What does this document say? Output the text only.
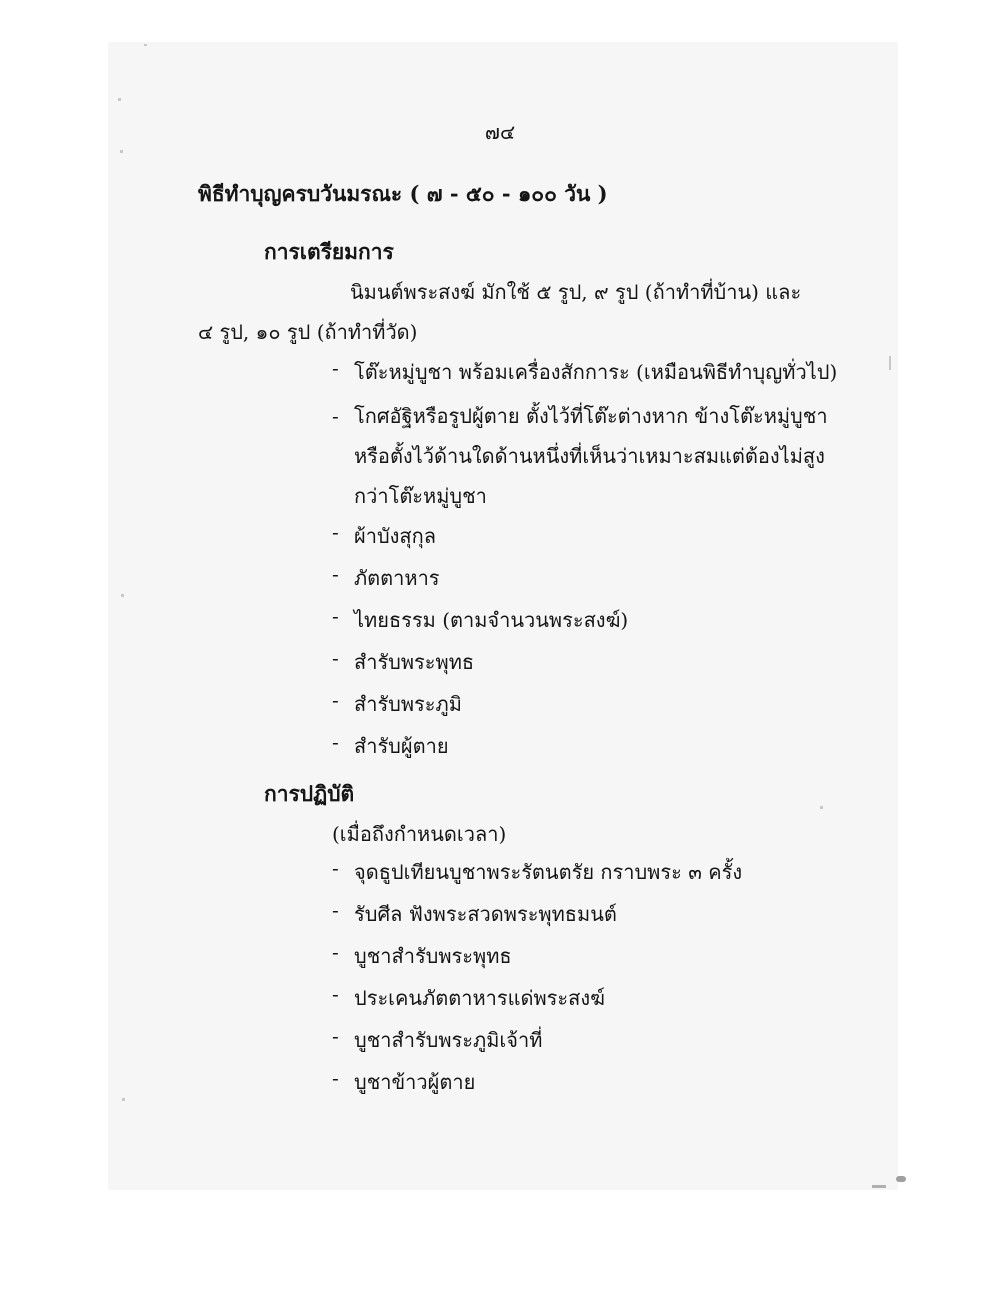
๗๔
พิธีทำบุญครบวันมรณะ ( ๗ - ๕๐ - ๑๐๐ วัน )
การเตรียมการ
นิมนต์พระสงฆ์ มักใช้ ๕ รูป, ๙ รูป (ถ้าทำที่บ้าน) และ
๔ รูป, ๑๐ รูป (ถ้าทำที่วัด)
- โต๊ะหมู่บูชา พร้อมเครื่องสักการะ (เหมือนพิธีทำบุญทั่วไป)
- โกศอัฐิหรือรูปผู้ตาย ตั้งไว้ที่โต๊ะต่างหาก ข้างโต๊ะหมู่บูชา
หรือตั้งไว้ด้านใดด้านหนึ่งที่เห็นว่าเหมาะสมแต่ต้องไม่สูง
กว่าโต๊ะหมู่บูชา
- ผ้าบังสุกุล
- ภัตตาหาร
- ไทยธรรม (ตามจำนวนพระสงฆ์)
- สำรับพระพุทธ
- สำรับพระภูมิ
- สำรับผู้ตาย
การปฏิบัติ
(เมื่อถึงกำหนดเวลา)
- จุดธูปเทียนบูชาพระรัตนตรัย กราบพระ ๓ ครั้ง
- รับศีล ฟังพระสวดพระพุทธมนต์
- บูชาสำรับพระพุทธ
- ประเคนภัตตาหารแด่พระสงฆ์
- บูชาสำรับพระภูมิเจ้าที่
- บูชาข้าวผู้ตาย
